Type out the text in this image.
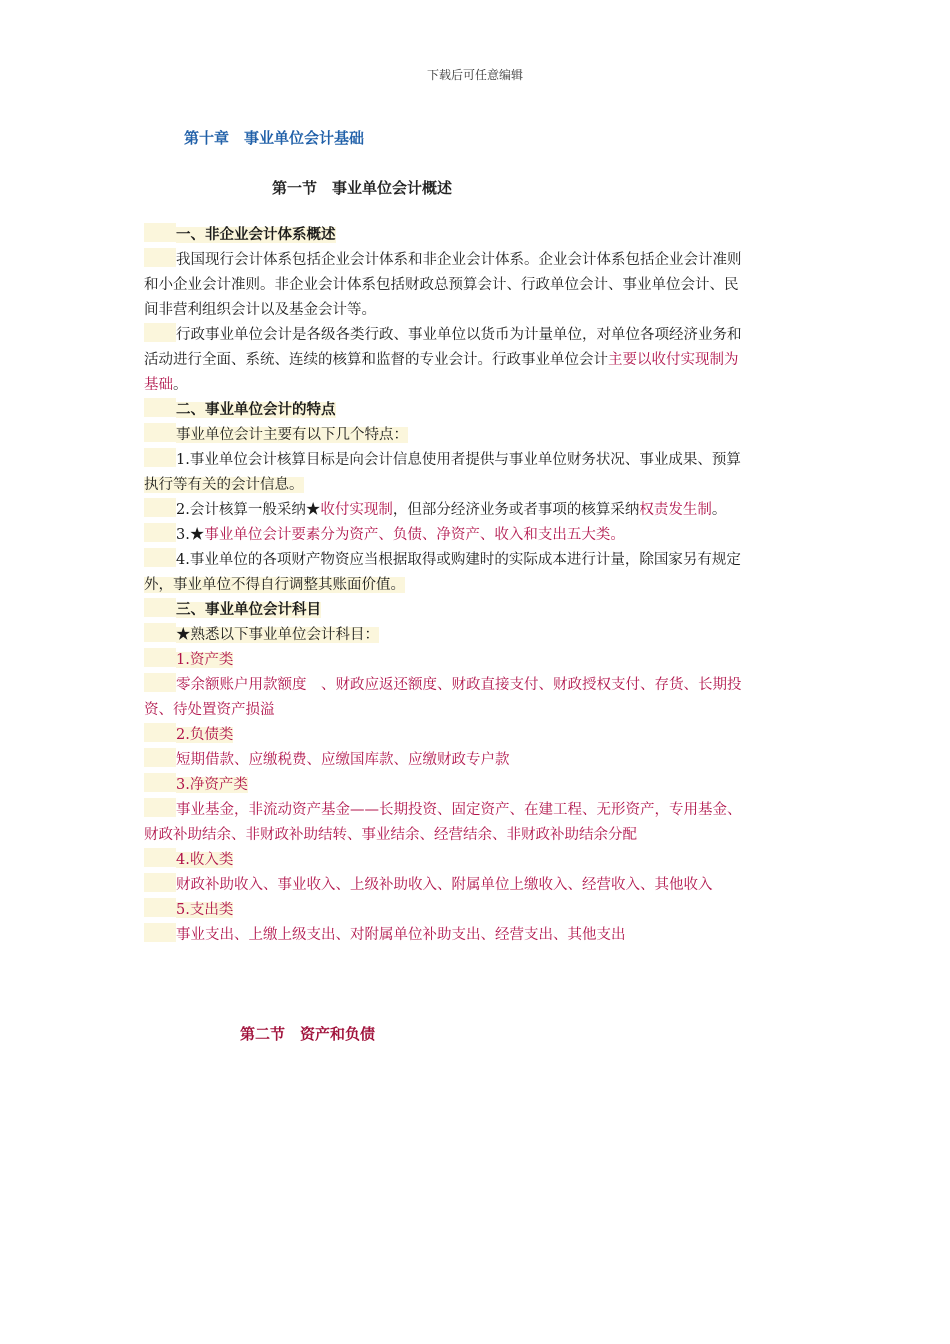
下载后可任意编辑
第十章　事业单位会计基础
第一节　事业单位会计概述
一、非企业会计体系概述
我国现行会计体系包括企业会计体系和非企业会计体系。企业会计体系包括企业会计准则
和小企业会计准则。非企业会计体系包括财政总预算会计、行政单位会计、事业单位会计、民
间非营利组织会计以及基金会计等。
行政事业单位会计是各级各类行政、事业单位以货币为计量单位，对单位各项经济业务和
活动进行全面、系统、连续的核算和监督的专业会计。行政事业单位会计主要以收付实现制为
基础。
二、事业单位会计的特点
事业单位会计主要有以下几个特点：
1.事业单位会计核算目标是向会计信息使用者提供与事业单位财务状况、事业成果、预算
执行等有关的会计信息。
2.会计核算一般采纳★收付实现制，但部分经济业务或者事项的核算采纳权责发生制。
3.★事业单位会计要素分为资产、负债、净资产、收入和支出五大类。
4.事业单位的各项财产物资应当根据取得或购建时的实际成本进行计量，除国家另有规定
外，事业单位不得自行调整其账面价值。
三、事业单位会计科目
★熟悉以下事业单位会计科目：
1.资产类
零余额账户用款额度　、财政应返还额度、财政直接支付、财政授权支付、存货、长期投
资、待处置资产损溢
2.负债类
短期借款、应缴税费、应缴国库款、应缴财政专户款
3.净资产类
事业基金，非流动资产基金——长期投资、固定资产、在建工程、无形资产，专用基金、
财政补助结余、非财政补助结转、事业结余、经营结余、非财政补助结余分配
4.收入类
财政补助收入、事业收入、上级补助收入、附属单位上缴收入、经营收入、其他收入
5.支出类
事业支出、上缴上级支出、对附属单位补助支出、经营支出、其他支出
第二节　资产和负债
